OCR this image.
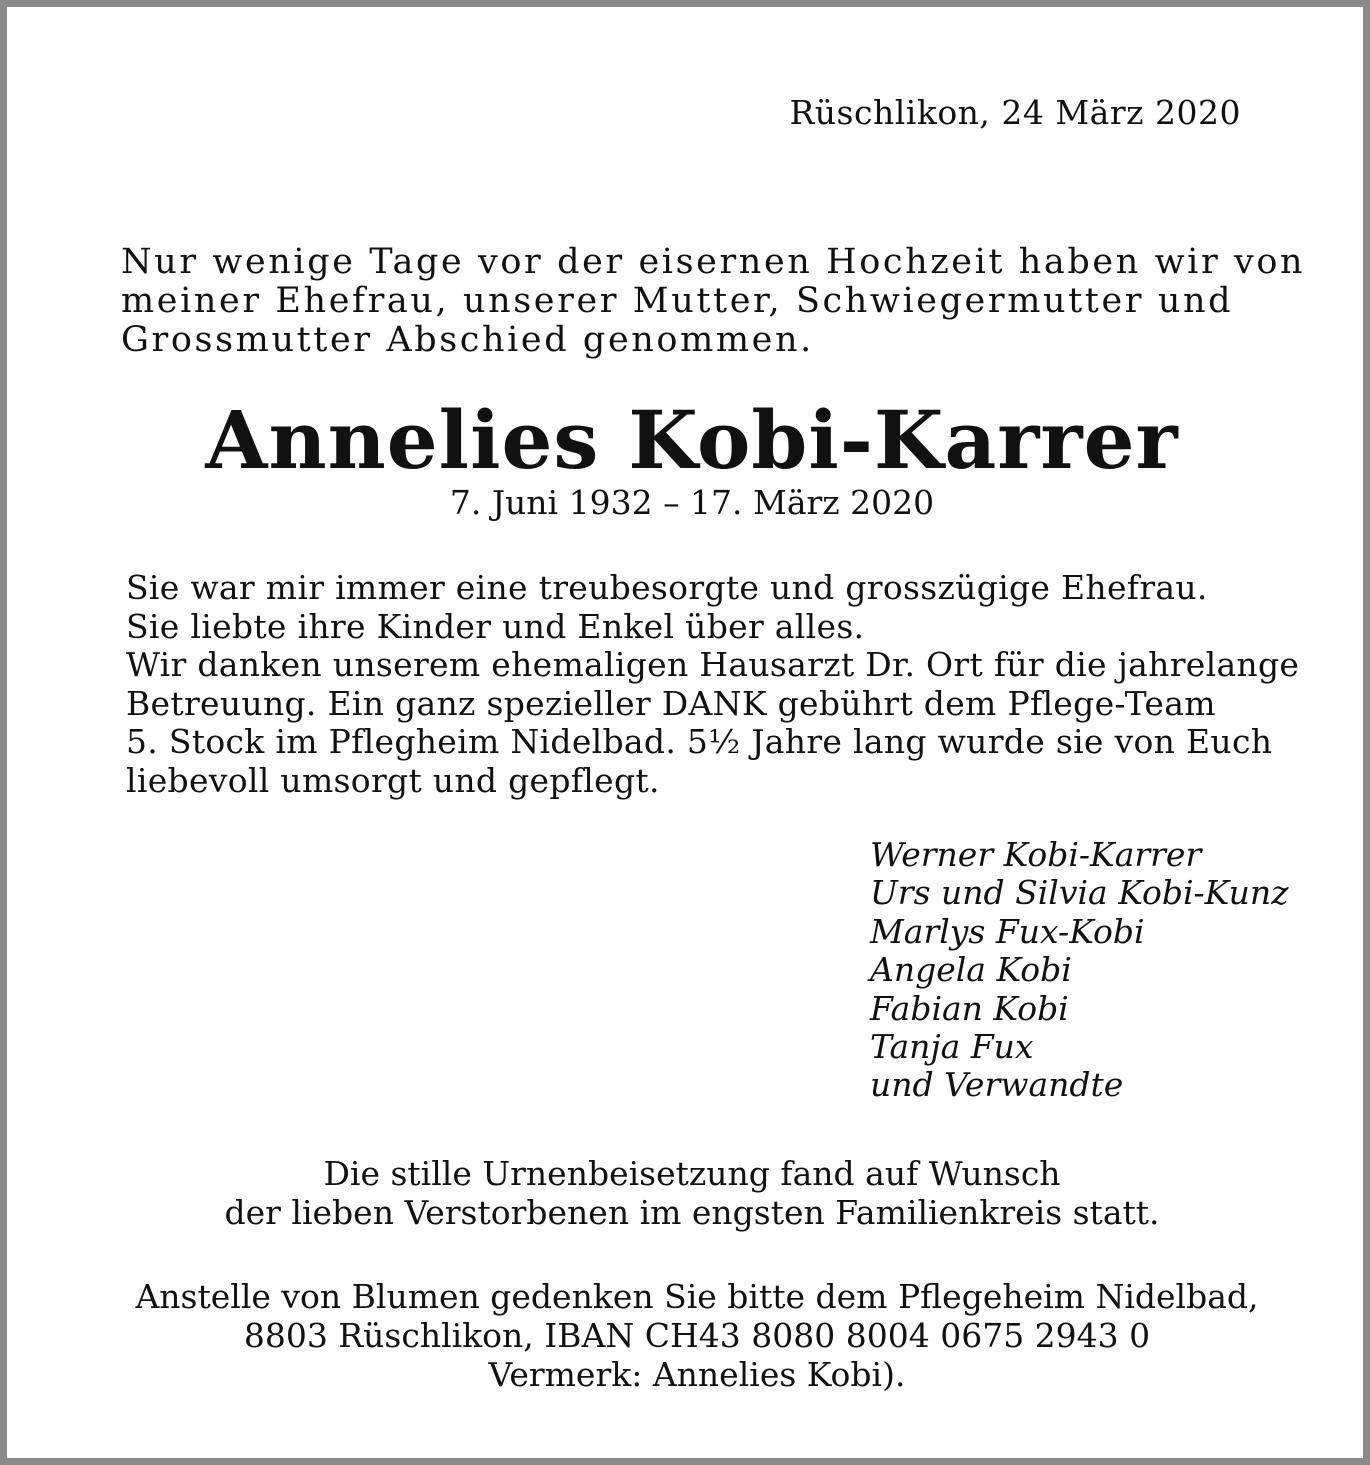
Rüschlikon, 24 März 2020
Nur wenige Tage vor der eisernen Hochzeit haben wir von
meiner Ehefrau, unserer Mutter, Schwiegermutter und
Grossmutter Abschied genommen.
Annelies Kobi-Karrer
7. Juni 1932 – 17. März 2020
Sie war mir immer eine treubesorgte und grosszügige Ehefrau.
Sie liebte ihre Kinder und Enkel über alles.
Wir danken unserem ehemaligen Hausarzt Dr. Ort für die jahrelange
Betreuung. Ein ganz spezieller DANK gebührt dem Pflege-Team
5. Stock im Pflegheim Nidelbad. 5½ Jahre lang wurde sie von Euch
liebevoll umsorgt und gepflegt.
Werner Kobi-Karrer
Urs und Silvia Kobi-Kunz
Marlys Fux-Kobi
Angela Kobi
Fabian Kobi
Tanja Fux
und Verwandte
Die stille Urnenbeisetzung fand auf Wunsch
der lieben Verstorbenen im engsten Familienkreis statt.
Anstelle von Blumen gedenken Sie bitte dem Pflegeheim Nidelbad,
8803 Rüschlikon, IBAN CH43 8080 8004 0675 2943 0
Vermerk: Annelies Kobi).
